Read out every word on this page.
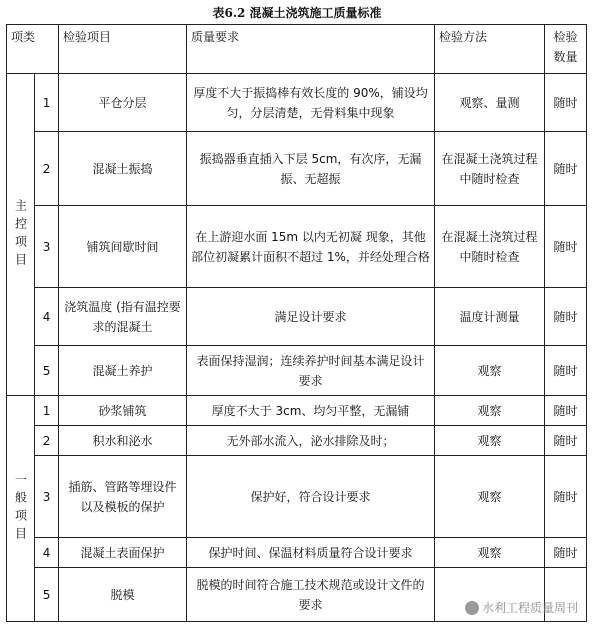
表6.2 混凝土浇筑施工质量标准
项类		检验项目	质量要求	检验方法	检验数量
主控项目	1	平仓分层	厚度不大于振捣棒有效长度的 90%，铺设均匀，分层清楚，无骨料集中现象	观察、量测	随时
	2	混凝土振捣	振捣器垂直插入下层 5cm，有次序，无漏振、无超振	在混凝土浇筑过程中随时检查	随时
	3	铺筑间歇时间	在上游迎水面 15m 以内无初凝 现象，其他部位初凝累计面积不超过 1%，并经处理合格	在混凝土浇筑过程中随时检查	随时
	4	浇筑温度 (指有温控要求的混凝土	满足设计要求	温度计测量	随时
	5	混凝土养护	表面保持湿润；连续养护时间基本满足设计要求	观察	随时
一般项目	1	砂浆铺筑	厚度不大于 3cm、均匀平整，无漏铺	观察	随时
	2	积水和泌水	无外部水流入，泌水排除及时；	观察	随时
	3	插筋、管路等埋设件以及模板的保护	保护好，符合设计要求	观察	随时
	4	混凝土表面保护	保护时间、保温材料质量符合设计要求	观察	随时
	5	脱模	脱模的时间符合施工技术规范或设计文件的要求			水利工程质量周刊
